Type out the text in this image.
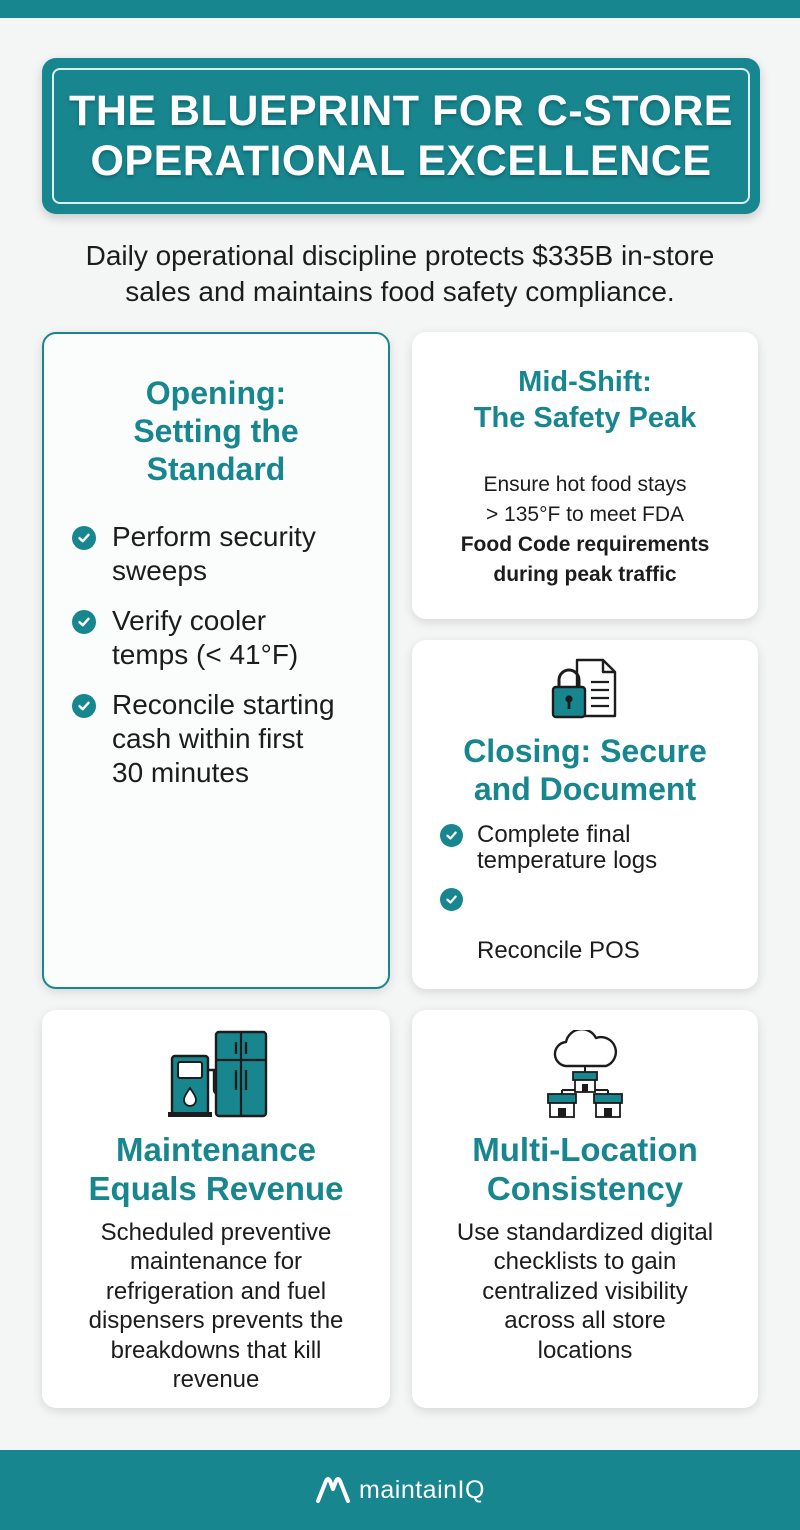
THE BLUEPRINT FOR C-STORE
OPERATIONAL EXCELLENCE
Daily operational discipline protects $335B in-store
sales and maintains food safety compliance.
Opening:
Setting the
Standard
Perform security
sweeps
Verify cooler
temps (< 41°F)
Reconcile starting
cash within first
30 minutes
Mid-Shift:
The Safety Peak
Ensure hot food stays
> 135°F to meet FDA
Food Code requirements
during peak traffic
Closing: Secure
and Document
Complete final
temperature logs

Reconcile POS

Maintenance
Equals Revenue
Scheduled preventive
maintenance for
refrigeration and fuel
dispensers prevents the
breakdowns that kill
revenue
Multi-Location
Consistency
Use standardized digital
checklists to gain
centralized visibility
across all store
locations
maintainIQ
